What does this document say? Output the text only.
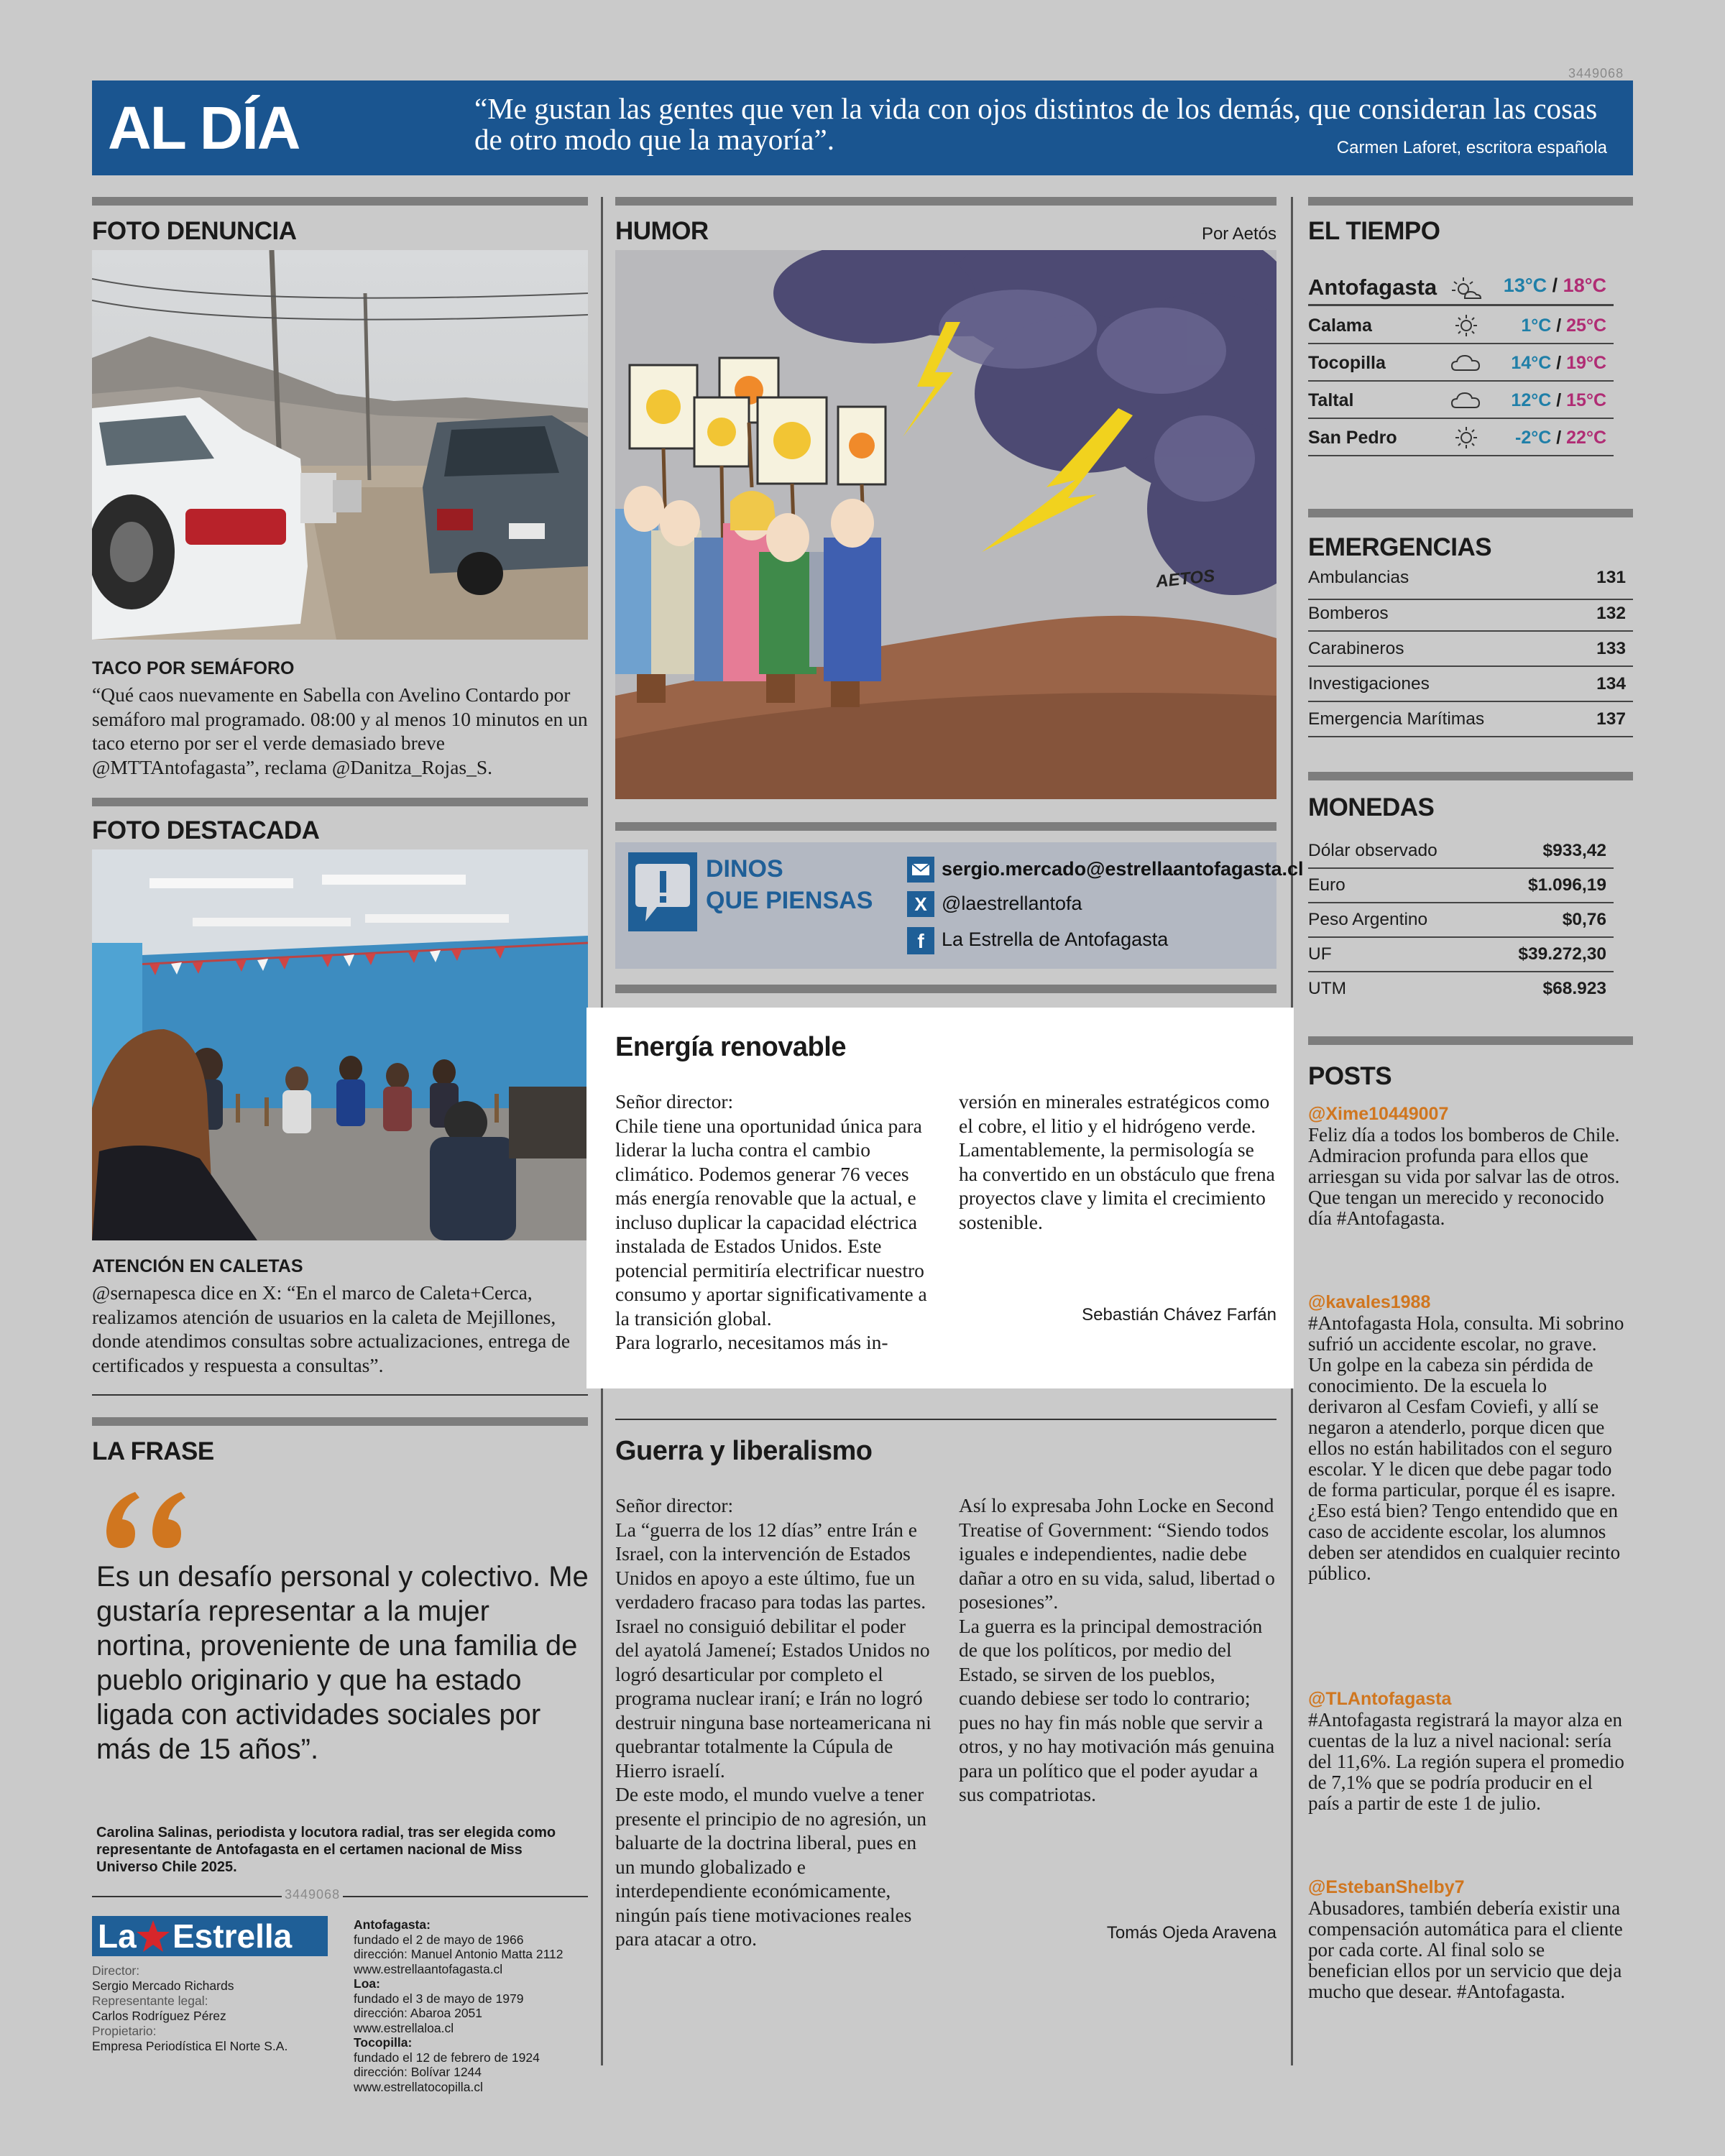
3449068
AL DÍA	“Me gustan las gentes que ven la vida con ojos distintos de los demás, que consideran las cosas de otro modo que la mayoría”.	Carmen Laforet, escritora española
FOTO DENUNCIA
TACO POR SEMÁFORO
“Qué caos nuevamente en Sabella con Avelino Contardo por semáforo mal programado. 08:00 y al menos 10 minutos en un taco eterno por ser el verde demasiado breve @MTTAntofagasta”, reclama @Danitza_Rojas_S.
FOTO DESTACADA
ATENCIÓN EN CALETAS
@sernapesca dice en X: “En el marco de Caleta+Cerca, realizamos atención de usuarios en la caleta de Mejillones, donde atendimos consultas sobre actualizaciones, entrega de certificados y respuesta a consultas”.
LA FRASE
Es un desafío personal y colectivo. Me gustaría representar a la mujer nortina, proveniente de una familia de pueblo originario y que ha estado ligada con actividades sociales por más de 15 años”.
Carolina Salinas, periodista y locutora radial, tras ser elegida como representante de Antofagasta en el certamen nacional de Miss Universo Chile 2025.
3449068
La Estrella
Director:
Sergio Mercado Richards
Representante legal:
Carlos Rodríguez Pérez
Propietario:
Empresa Periodística El Norte S.A.
Antofagasta:
fundado el 2 de mayo de 1966
dirección: Manuel Antonio Matta 2112
www.estrellaantofagasta.cl
Loa:
fundado el 3 de mayo de 1979
dirección: Abaroa 2051
www.estrellaloa.cl
Tocopilla:
fundado el 12 de febrero de 1924
dirección: Bolívar 1244
www.estrellatocopilla.cl
HUMOR	Por Aetós
AETOS
DINOS
QUE PIENSAS
sergio.mercado@estrellaantofagasta.cl
X @laestrellantofa
f La Estrella de Antofagasta
Energía renovable
Señor director:
Chile tiene una oportunidad única para liderar la lucha contra el cambio climático. Podemos generar 76 veces más energía renovable que la actual, e incluso duplicar la capacidad eléctrica instalada de Estados Unidos. Este potencial permitiría electrificar nuestro consumo y aportar significativamente a la transición global.
Para lograrlo, necesitamos más in-
versión en minerales estratégicos como el cobre, el litio y el hidrógeno verde.
Lamentablemente, la permisología se ha convertido en un obstáculo que frena proyectos clave y limita el crecimiento sostenible.
Sebastián Chávez Farfán
Guerra y liberalismo
Señor director:
La “guerra de los 12 días” entre Irán e Israel, con la intervención de Estados Unidos en apoyo a este último, fue un verdadero fracaso para todas las partes. Israel no consiguió debilitar el poder del ayatolá Jameneí; Estados Unidos no logró desarticular por completo el programa nuclear iraní; e Irán no logró destruir ninguna base norteamericana ni quebrantar totalmente la Cúpula de Hierro israelí.
De este modo, el mundo vuelve a tener presente el principio de no agresión, un baluarte de la doctrina liberal, pues en un mundo globalizado e interdependiente económicamente, ningún país tiene motivaciones reales para atacar a otro.
Así lo expresaba John Locke en Second Treatise of Government: “Siendo todos iguales e independientes, nadie debe dañar a otro en su vida, salud, libertad o posesiones”.
La guerra es la principal demostración de que los políticos, por medio del Estado, se sirven de los pueblos, cuando debiese ser todo lo contrario; pues no hay fin más noble que servir a otros, y no hay motivación más genuina para un político que el poder ayudar a sus compatriotas.
Tomás Ojeda Aravena
EL TIEMPO
Antofagasta	13°C / 18°C
Calama	1°C / 25°C
Tocopilla	14°C / 19°C
Taltal	12°C / 15°C
San Pedro	-2°C / 22°C
EMERGENCIAS
Ambulancias	131
Bomberos	132
Carabineros	133
Investigaciones	134
Emergencia Marítimas	137
MONEDAS
Dólar observado	$933,42
Euro	$1.096,19
Peso Argentino	$0,76
UF	$39.272,30
UTM	$68.923
POSTS
@Xime10449007
Feliz día a todos los bomberos de Chile. Admiracion profunda para ellos que arriesgan su vida por salvar las de otros. Que tengan un merecido y reconocido día #Antofagasta.
@kavales1988
#Antofagasta Hola, consulta. Mi sobrino sufrió un accidente escolar, no grave. Un golpe en la cabeza sin pérdida de conocimiento. De la escuela lo derivaron al Cesfam Coviefi, y allí se negaron a atenderlo, porque dicen que ellos no están habilitados con el seguro escolar. Y le dicen que debe pagar todo de forma particular, porque él es isapre. ¿Eso está bien? Tengo entendido que en caso de accidente escolar, los alumnos deben ser atendidos en cualquier recinto público.
@TLAntofagasta
#Antofagasta registrará la mayor alza en cuentas de la luz a nivel nacional: sería del 11,6%. La región supera el promedio de 7,1% que se podría producir en el país a partir de este 1 de julio.
@EstebanShelby7
Abusadores, también debería existir una compensación automática para el cliente por cada corte. Al final solo se benefician ellos por un servicio que deja mucho que desear. #Antofagasta.
